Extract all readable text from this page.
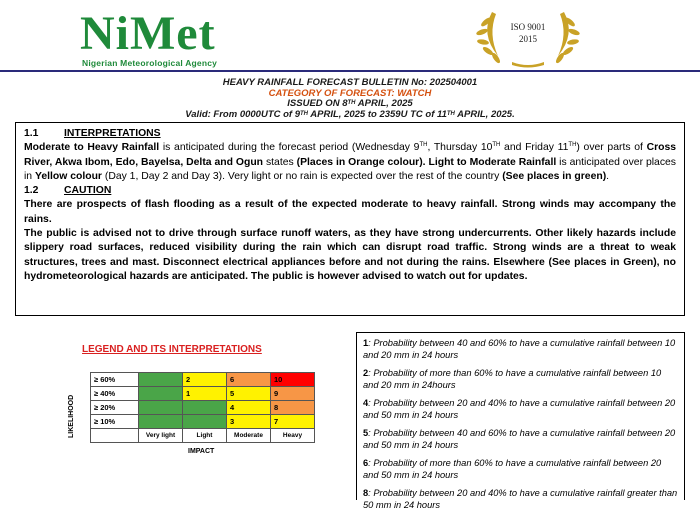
NiMet
Nigerian Meteorological Agency
ISO 9001
2015
HEAVY RAINFALL FORECAST BULLETIN No: 202504001
CATEGORY OF FORECAST: WATCH
ISSUED ON 8TH APRIL, 2025
Valid: From 0000UTC of 9TH APRIL, 2025 to 2359U TC of 11TH APRIL, 2025.
1.1 INTERPRETATIONS
Moderate to Heavy Rainfall is anticipated during the forecast period (Wednesday 9TH, Thursday 10TH and Friday 11TH) over parts of Cross River, Akwa Ibom, Edo, Bayelsa, Delta and Ogun states (Places in Orange colour). Light to Moderate Rainfall is anticipated over places in Yellow colour (Day 1, Day 2 and Day 3). Very light or no rain is expected over the rest of the country (See places in green).
1.2 CAUTION
There are prospects of flash flooding as a result of the expected moderate to heavy rainfall. Strong winds may accompany the rains.
The public is advised not to drive through surface runoff waters, as they have strong undercurrents. Other likely hazards include slippery road surfaces, reduced visibility during the rain which can disrupt road traffic. Strong winds are a threat to weak structures, trees and mast. Disconnect electrical appliances before and not during the rains. Elsewhere (See places in Green), no hydrometeorological hazards are anticipated. The public is however advised to watch out for updates.
LEGEND AND ITS INTERPRETATIONS
LIKELIHOOD
≥ 60%		2	6	10
≥ 40%		1	5	9
≥ 20%			4	8
≥ 10%			3	7
	Very light	Light	Moderate	Heavy
IMPACT
1: Probability between 40 and 60% to have a cumulative rainfall between 10 and 20 mm in 24 hours
2: Probability of more than 60% to have a cumulative rainfall between 10 and 20 mm in 24hours
4: Probability between 20 and 40% to have a cumulative rainfall between 20 and 50 mm in 24 hours
5: Probability between 40 and 60% to have a cumulative rainfall between 20 and 50 mm in 24 hours
6: Probability of more than 60% to have a cumulative rainfall between 20 and 50 mm in 24 hours
8: Probability between 20 and 40% to have a cumulative rainfall greater than 50 mm in 24 hours
